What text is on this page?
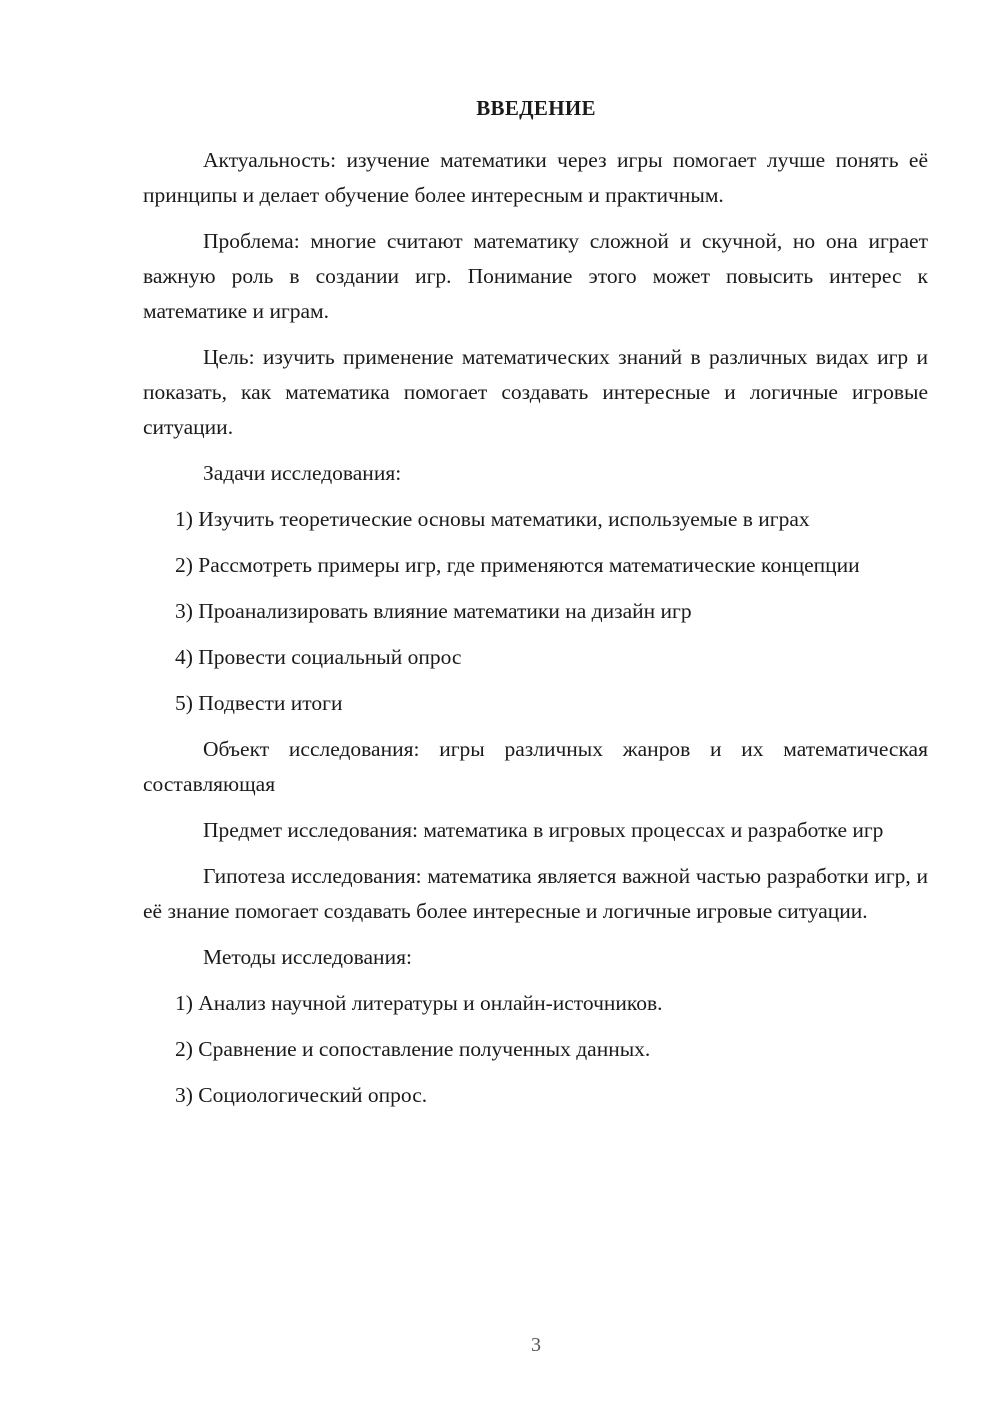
ВВЕДЕНИЕ

Актуальность: изучение математики через игры помогает лучше понять её принципы и делает обучение более интересным и практичным.

Проблема: многие считают математику сложной и скучной, но она играет важную роль в создании игр. Понимание этого может повысить интерес к математике и играм.

Цель: изучить применение математических знаний в различных видах игр и показать, как математика помогает создавать интересные и логичные игровые ситуации.

Задачи исследования:

1) Изучить теоретические основы математики, используемые в играх

2) Рассмотреть примеры игр, где применяются математические концепции

3) Проанализировать влияние математики на дизайн игр

4) Провести социальный опрос

5) Подвести итоги

Объект исследования: игры различных жанров и их математическая составляющая

Предмет исследования: математика в игровых процессах и разработке игр

Гипотеза исследования: математика является важной частью разработки игр, и её знание помогает создавать более интересные и логичные игровые ситуации.

Методы исследования:

1) Анализ научной литературы и онлайн-источников.

2) Сравнение и сопоставление полученных данных.

3) Социологический опрос.

3
